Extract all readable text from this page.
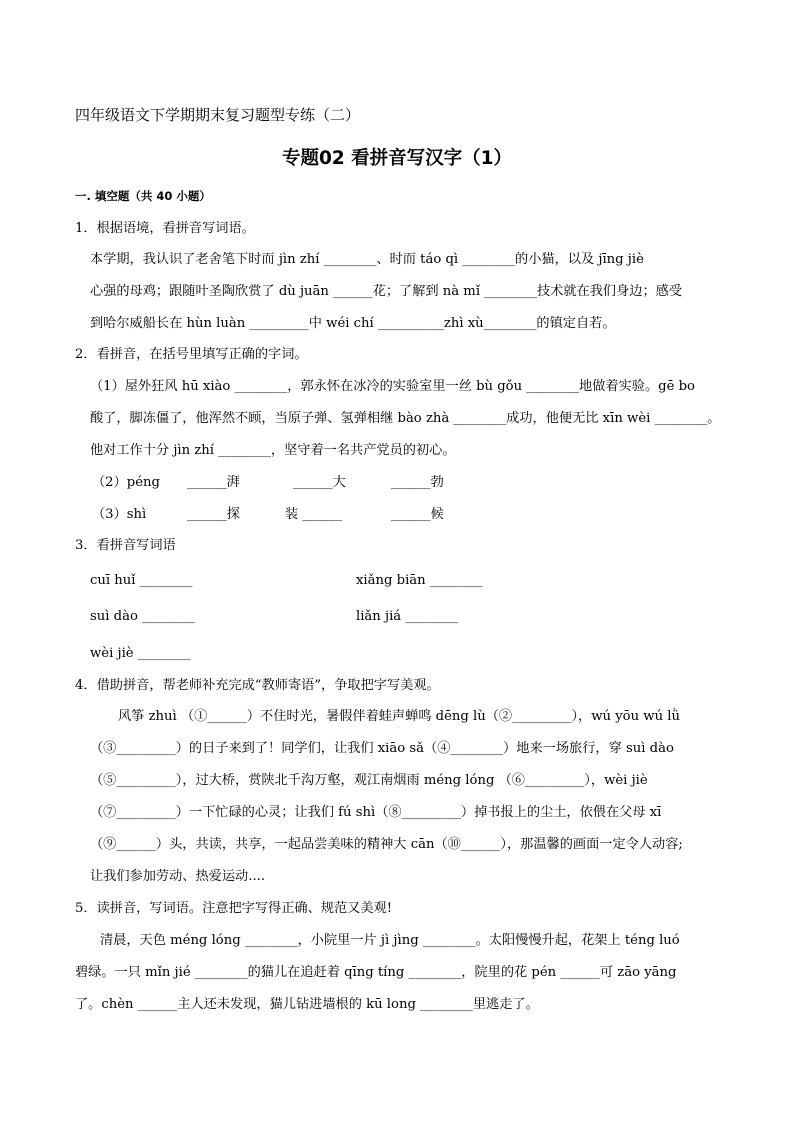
四年级语文下学期期末复习题型专练（二）
专题02 看拼音写汉字（1）
一. 填空题（共 40 小题）
1．根据语境，看拼音写词语。
本学期，我认识了老舍笔下时而 jìn zhí ________、时而 táo qì ________的小猫，以及 jīng jiè
心强的母鸡；跟随叶圣陶欣赏了 dù juān ______花；了解到 nà mǐ ________技术就在我们身边；感受
到哈尔威船长在 hùn luàn _________中 wéi chí __________zhì xù________的镇定自若。
2．看拼音，在括号里填写正确的字词。
（1）屋外狂风 hū xiào ________，郭永怀在冰冷的实验室里一丝 bù gǒu ________地做着实验。gē bo
酸了，脚冻僵了，他浑然不顾，当原子弹、氢弹相继 bào zhà ________成功，他便无比 xīn wèi ________。
他对工作十分 jìn zhí ________，坚守着一名共产党员的初心。
（2）péng ______湃	______大	______勃
（3）shì	______探	装 ______	______候
3．看拼音写词语
cuī huǐ ________	xiǎng biān ________
suì dào ________	liǎn jiá ________
wèi jiè ________
4．借助拼音，帮老师补充完成“教师寄语”，争取把字写美观。
风筝 zhuì （①______）不住时光，暑假伴着蛙声蝉鸣 dēng lù（②_________），wú yōu wú lǜ
（③_________）的日子来到了！同学们，让我们 xiāo sǎ（④________）地来一场旅行，穿 suì dào
（⑤_________），过大桥，赏陕北千沟万壑，观江南烟雨 méng lóng （⑥_________），wèi jiè
（⑦_________）一下忙碌的心灵；让我们 fú shì（⑧_________）掉书报上的尘土，依偎在父母 xī
（⑨______）头，共读，共享，一起品尝美味的精神大 cān（⑩______），那温馨的画面一定令人动容;
让我们参加劳动、热爱运动....
5．读拼音，写词语。注意把字写得正确、规范又美观!
清晨，天色 méng lóng ________，小院里一片 jì jìng ________。太阳慢慢升起，花架上 téng luó
碧绿。一只 mǐn jié ________的猫儿在追赶着 qīng tíng ________，院里的花 pén ______可 zāo yāng
了。chèn ______主人还未发现，猫儿钻进墙根的 kū long ________里逃走了。
